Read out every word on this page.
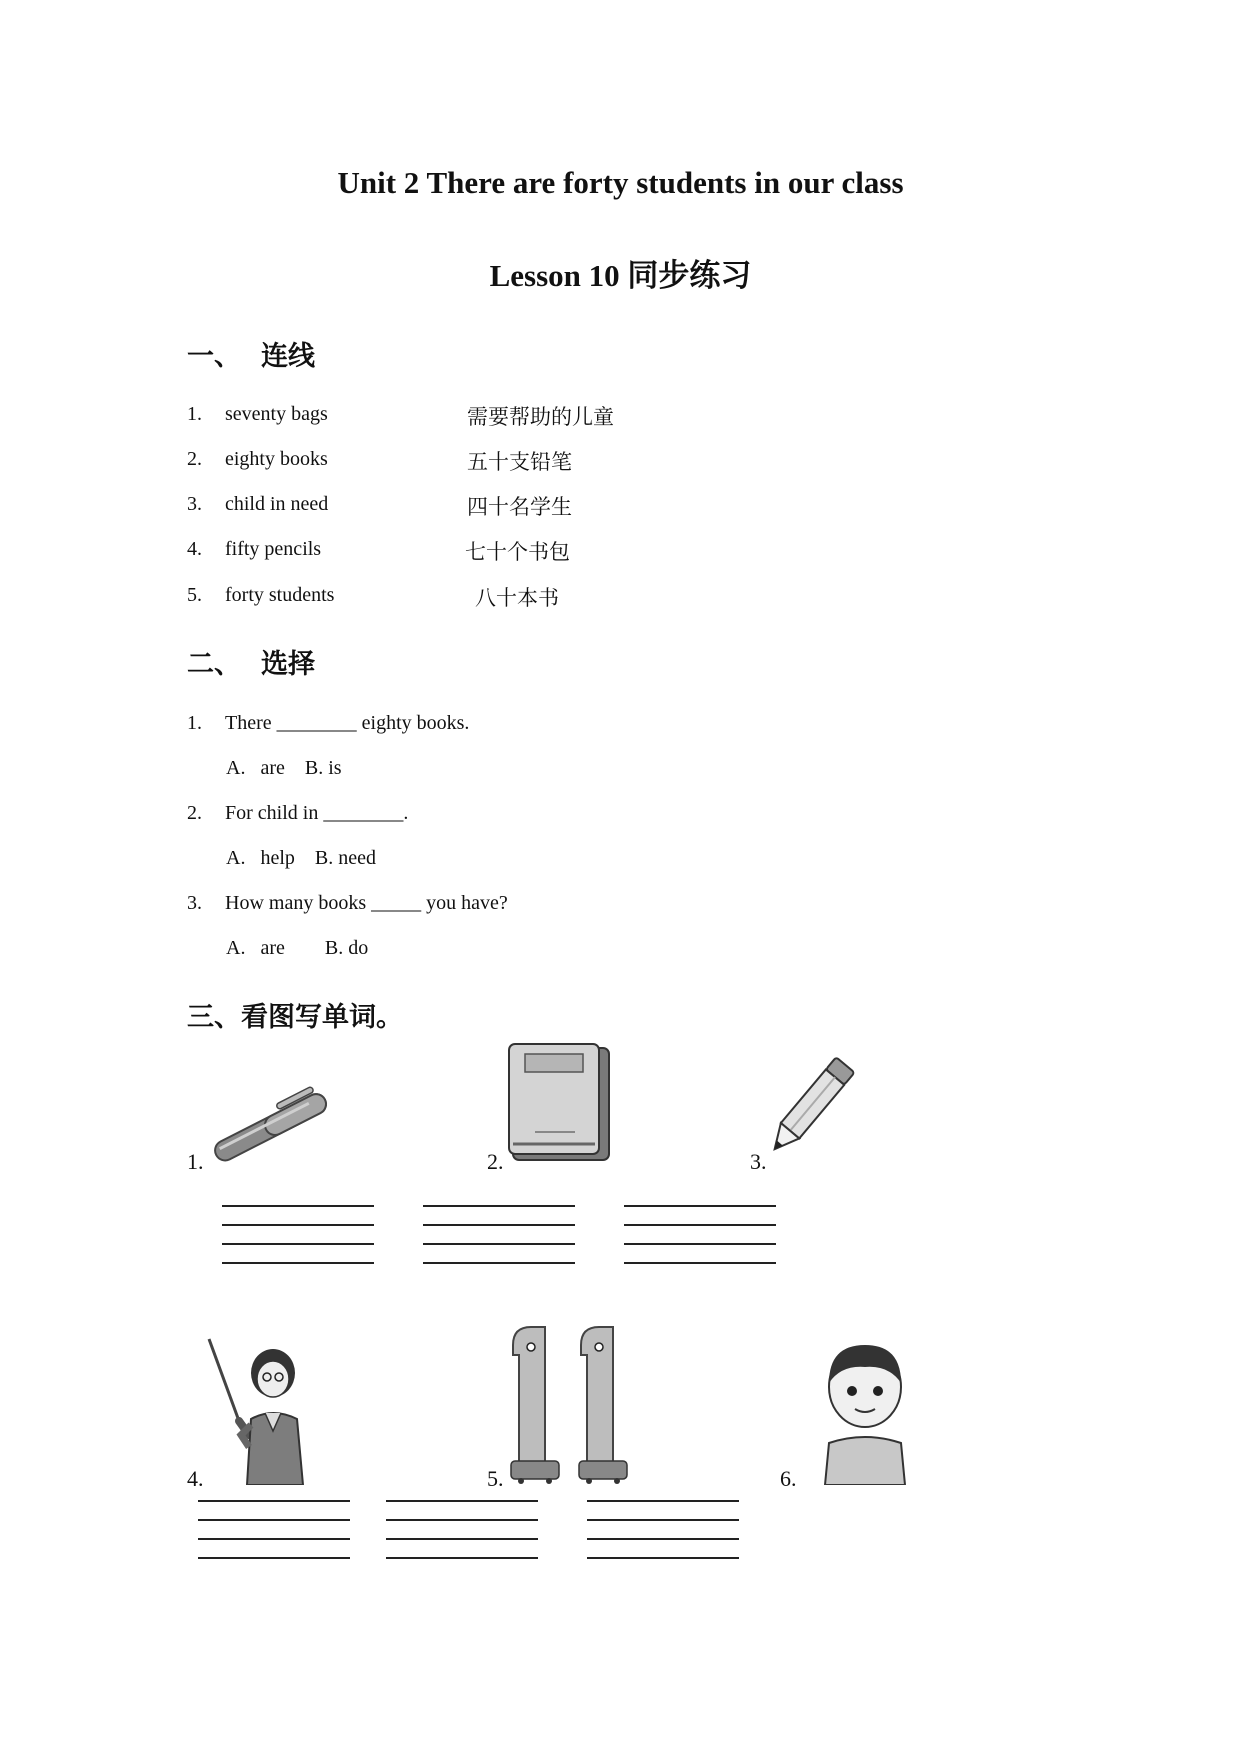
Unit 2 There are forty students in our class
Lesson 10 同步练习
一、 连线
1. seventy bags	需要帮助的儿童
2. eighty books	五十支铅笔
3. child in need	四十名学生
4. fifty pencils	七十个书包
5. forty students	八十本书
二、 选择
1. There ________ eighty books.
A.   are    B. is
2. For child in ________.
A.   help    B. need
3. How many books _____ you have?
A.   are        B. do
三、看图写单词。
1.	2.	3.
4.	5.	6.
